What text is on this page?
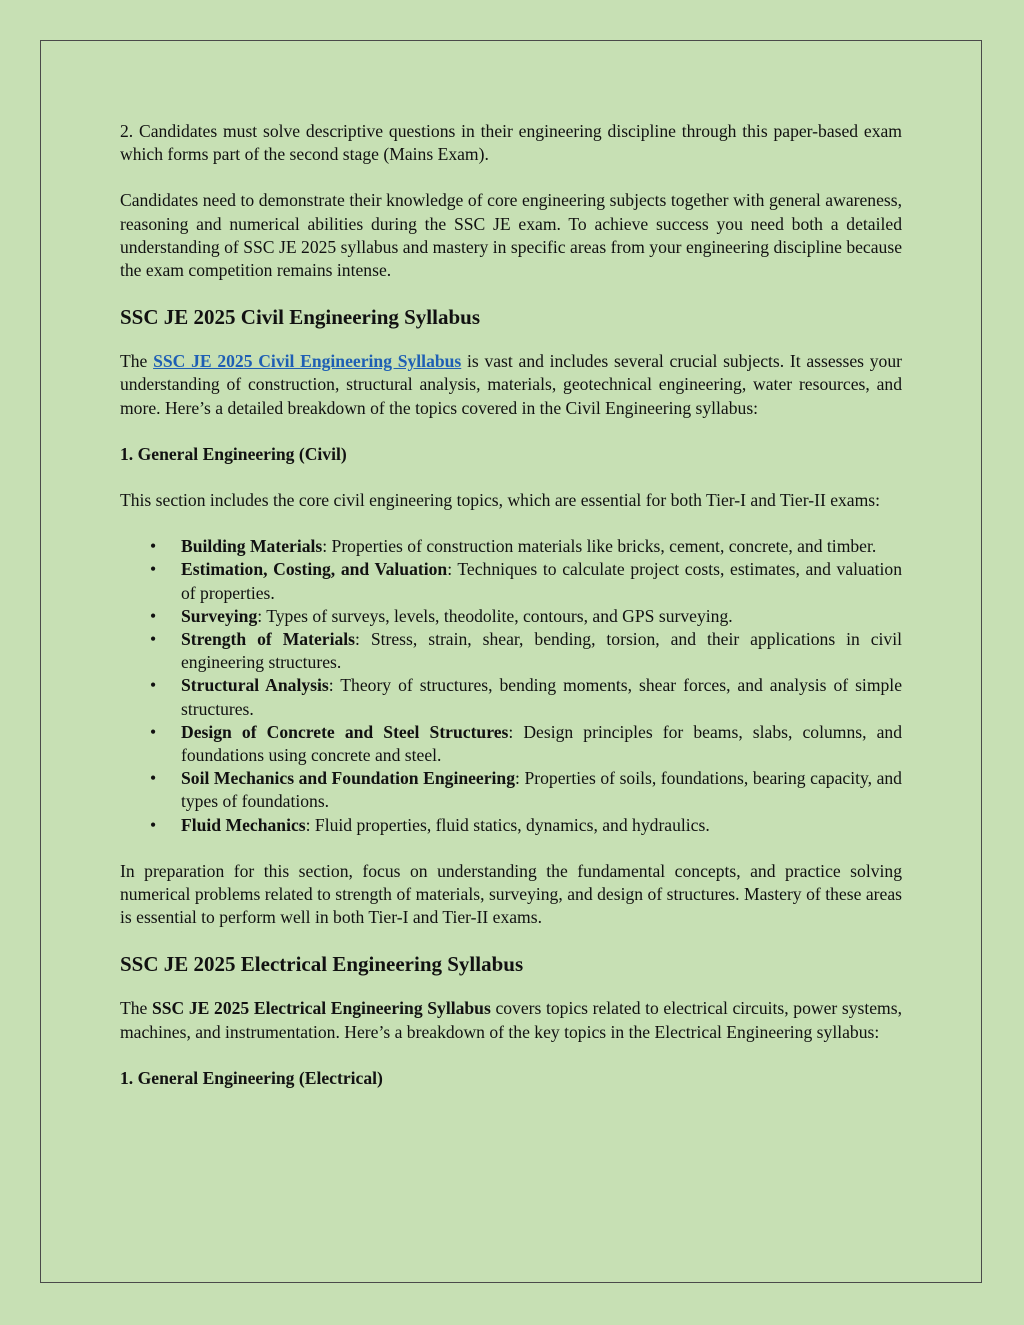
2. Candidates must solve descriptive questions in their engineering discipline through this paper-based exam which forms part of the second stage (Mains Exam).

Candidates need to demonstrate their knowledge of core engineering subjects together with general awareness, reasoning and numerical abilities during the SSC JE exam. To achieve success you need both a detailed understanding of SSC JE 2025 syllabus and mastery in specific areas from your engineering discipline because the exam competition remains intense.

SSC JE 2025 Civil Engineering Syllabus

The SSC JE 2025 Civil Engineering Syllabus is vast and includes several crucial subjects. It assesses your understanding of construction, structural analysis, materials, geotechnical engineering, water resources, and more. Here’s a detailed breakdown of the topics covered in the Civil Engineering syllabus:

1. General Engineering (Civil)

This section includes the core civil engineering topics, which are essential for both Tier-I and Tier-II exams:

• Building Materials: Properties of construction materials like bricks, cement, concrete, and timber.
• Estimation, Costing, and Valuation: Techniques to calculate project costs, estimates, and valuation of properties.
• Surveying: Types of surveys, levels, theodolite, contours, and GPS surveying.
• Strength of Materials: Stress, strain, shear, bending, torsion, and their applications in civil engineering structures.
• Structural Analysis: Theory of structures, bending moments, shear forces, and analysis of simple structures.
• Design of Concrete and Steel Structures: Design principles for beams, slabs, columns, and foundations using concrete and steel.
• Soil Mechanics and Foundation Engineering: Properties of soils, foundations, bearing capacity, and types of foundations.
• Fluid Mechanics: Fluid properties, fluid statics, dynamics, and hydraulics.

In preparation for this section, focus on understanding the fundamental concepts, and practice solving numerical problems related to strength of materials, surveying, and design of structures. Mastery of these areas is essential to perform well in both Tier-I and Tier-II exams.

SSC JE 2025 Electrical Engineering Syllabus

The SSC JE 2025 Electrical Engineering Syllabus covers topics related to electrical circuits, power systems, machines, and instrumentation. Here’s a breakdown of the key topics in the Electrical Engineering syllabus:

1. General Engineering (Electrical)
